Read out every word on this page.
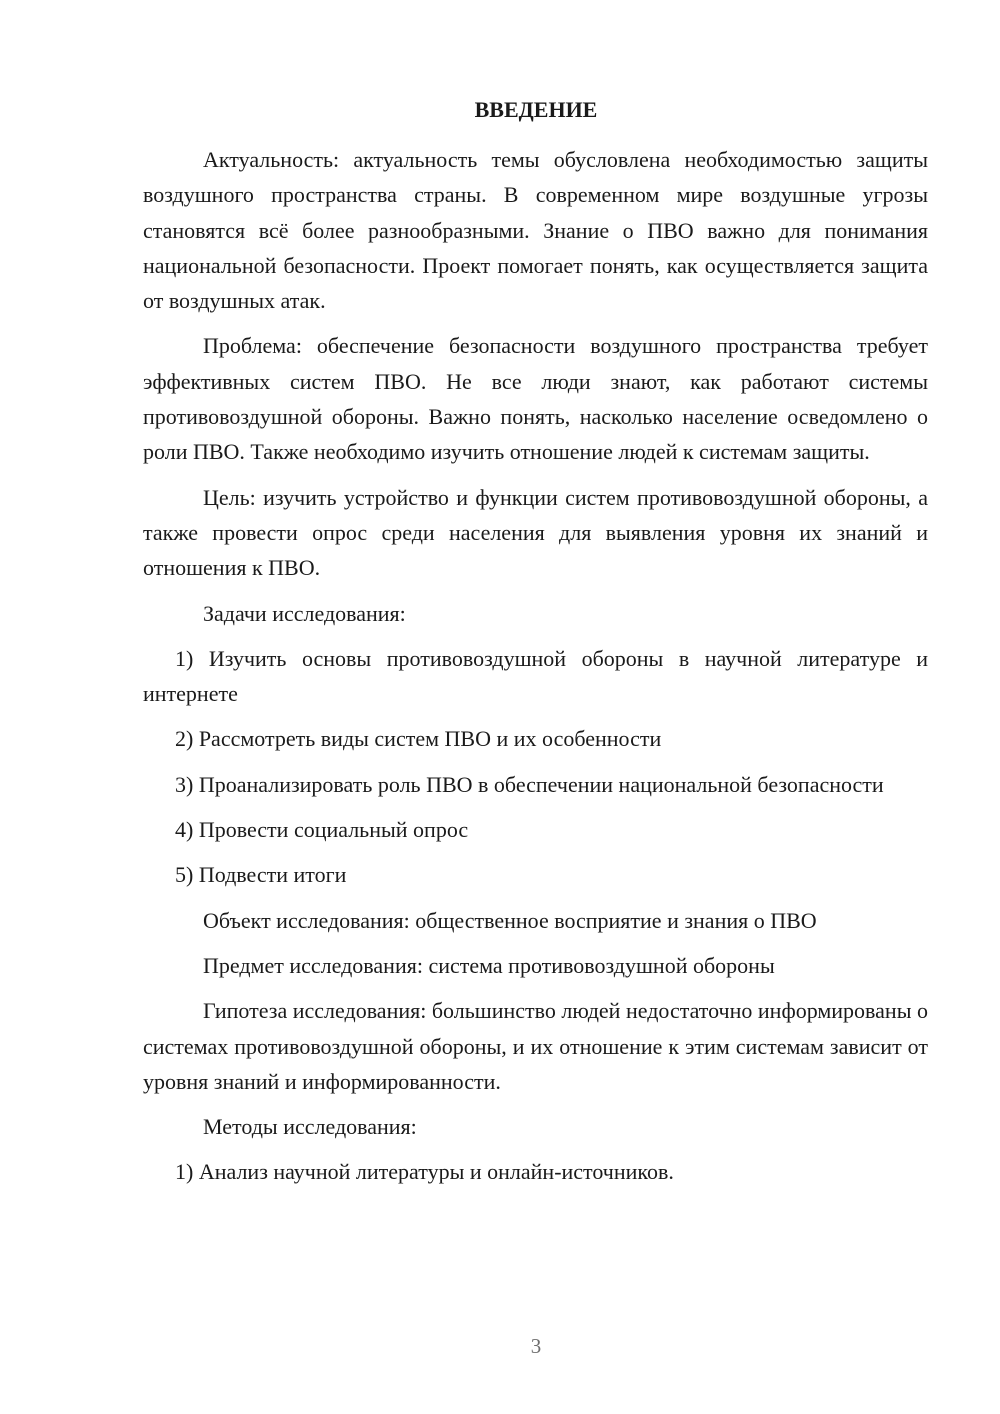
ВВЕДЕНИЕ

Актуальность: актуальность темы обусловлена необходимостью защиты воздушного пространства страны. В современном мире воздушные угрозы становятся всё более разнообразными. Знание о ПВО важно для понимания национальной безопасности. Проект помогает понять, как осуществляется защита от воздушных атак.

Проблема: обеспечение безопасности воздушного пространства требует эффективных систем ПВО. Не все люди знают, как работают системы противовоздушной обороны. Важно понять, насколько население осведомлено о роли ПВО. Также необходимо изучить отношение людей к системам защиты.

Цель: изучить устройство и функции систем противовоздушной обороны, а также провести опрос среди населения для выявления уровня их знаний и отношения к ПВО.

Задачи исследования:

1) Изучить основы противовоздушной обороны в научной литературе и интернете

2) Рассмотреть виды систем ПВО и их особенности

3) Проанализировать роль ПВО в обеспечении национальной безопасности

4) Провести социальный опрос

5) Подвести итоги

Объект исследования: общественное восприятие и знания о ПВО

Предмет исследования: система противовоздушной обороны

Гипотеза исследования: большинство людей недостаточно информированы о системах противовоздушной обороны, и их отношение к этим системам зависит от уровня знаний и информированности.

Методы исследования:

1) Анализ научной литературы и онлайн-источников.

3
